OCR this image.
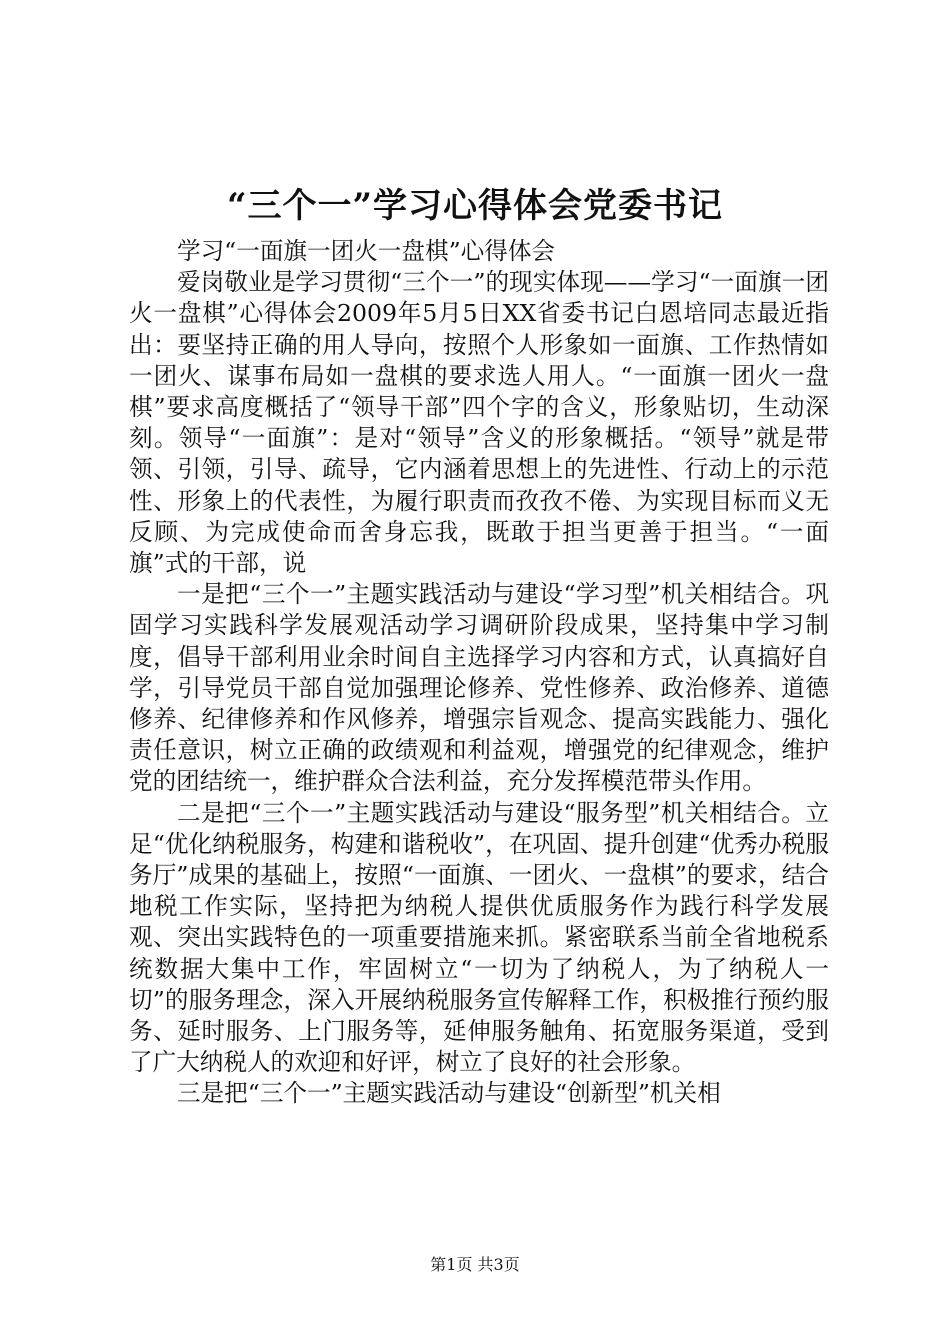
“三个一”学习心得体会党委书记

学习“一面旗一团火一盘棋”心得体会

爱岗敬业是学习贯彻“三个一”的现实体现——学习“一面旗一团火一盘棋”心得体会2009年5月5日XX省委书记白恩培同志最近指出：要坚持正确的用人导向，按照个人形象如一面旗、工作热情如一团火、谋事布局如一盘棋的要求选人用人。“一面旗一团火一盘棋”要求高度概括了“领导干部”四个字的含义，形象贴切，生动深刻。领导“一面旗”：是对“领导”含义的形象概括。“领导”就是带领、引领，引导、疏导，它内涵着思想上的先进性、行动上的示范性、形象上的代表性，为履行职责而孜孜不倦、为实现目标而义无反顾、为完成使命而舍身忘我，既敢于担当更善于担当。“一面旗”式的干部，说

一是把“三个一”主题实践活动与建设“学习型”机关相结合。巩固学习实践科学发展观活动学习调研阶段成果，坚持集中学习制度，倡导干部利用业余时间自主选择学习内容和方式，认真搞好自学，引导党员干部自觉加强理论修养、党性修养、政治修养、道德修养、纪律修养和作风修养，增强宗旨观念、提高实践能力、强化责任意识，树立正确的政绩观和利益观，增强党的纪律观念，维护党的团结统一，维护群众合法利益，充分发挥模范带头作用。

二是把“三个一”主题实践活动与建设“服务型”机关相结合。立足“优化纳税服务，构建和谐税收”，在巩固、提升创建“优秀办税服务厅”成果的基础上，按照“一面旗、一团火、一盘棋”的要求，结合地税工作实际，坚持把为纳税人提供优质服务作为践行科学发展观、突出实践特色的一项重要措施来抓。紧密联系当前全省地税系统数据大集中工作，牢固树立“一切为了纳税人，为了纳税人一切”的服务理念，深入开展纳税服务宣传解释工作，积极推行预约服务、延时服务、上门服务等，延伸服务触角、拓宽服务渠道，受到了广大纳税人的欢迎和好评，树立了良好的社会形象。

三是把“三个一”主题实践活动与建设“创新型”机关相

第1页 共3页
